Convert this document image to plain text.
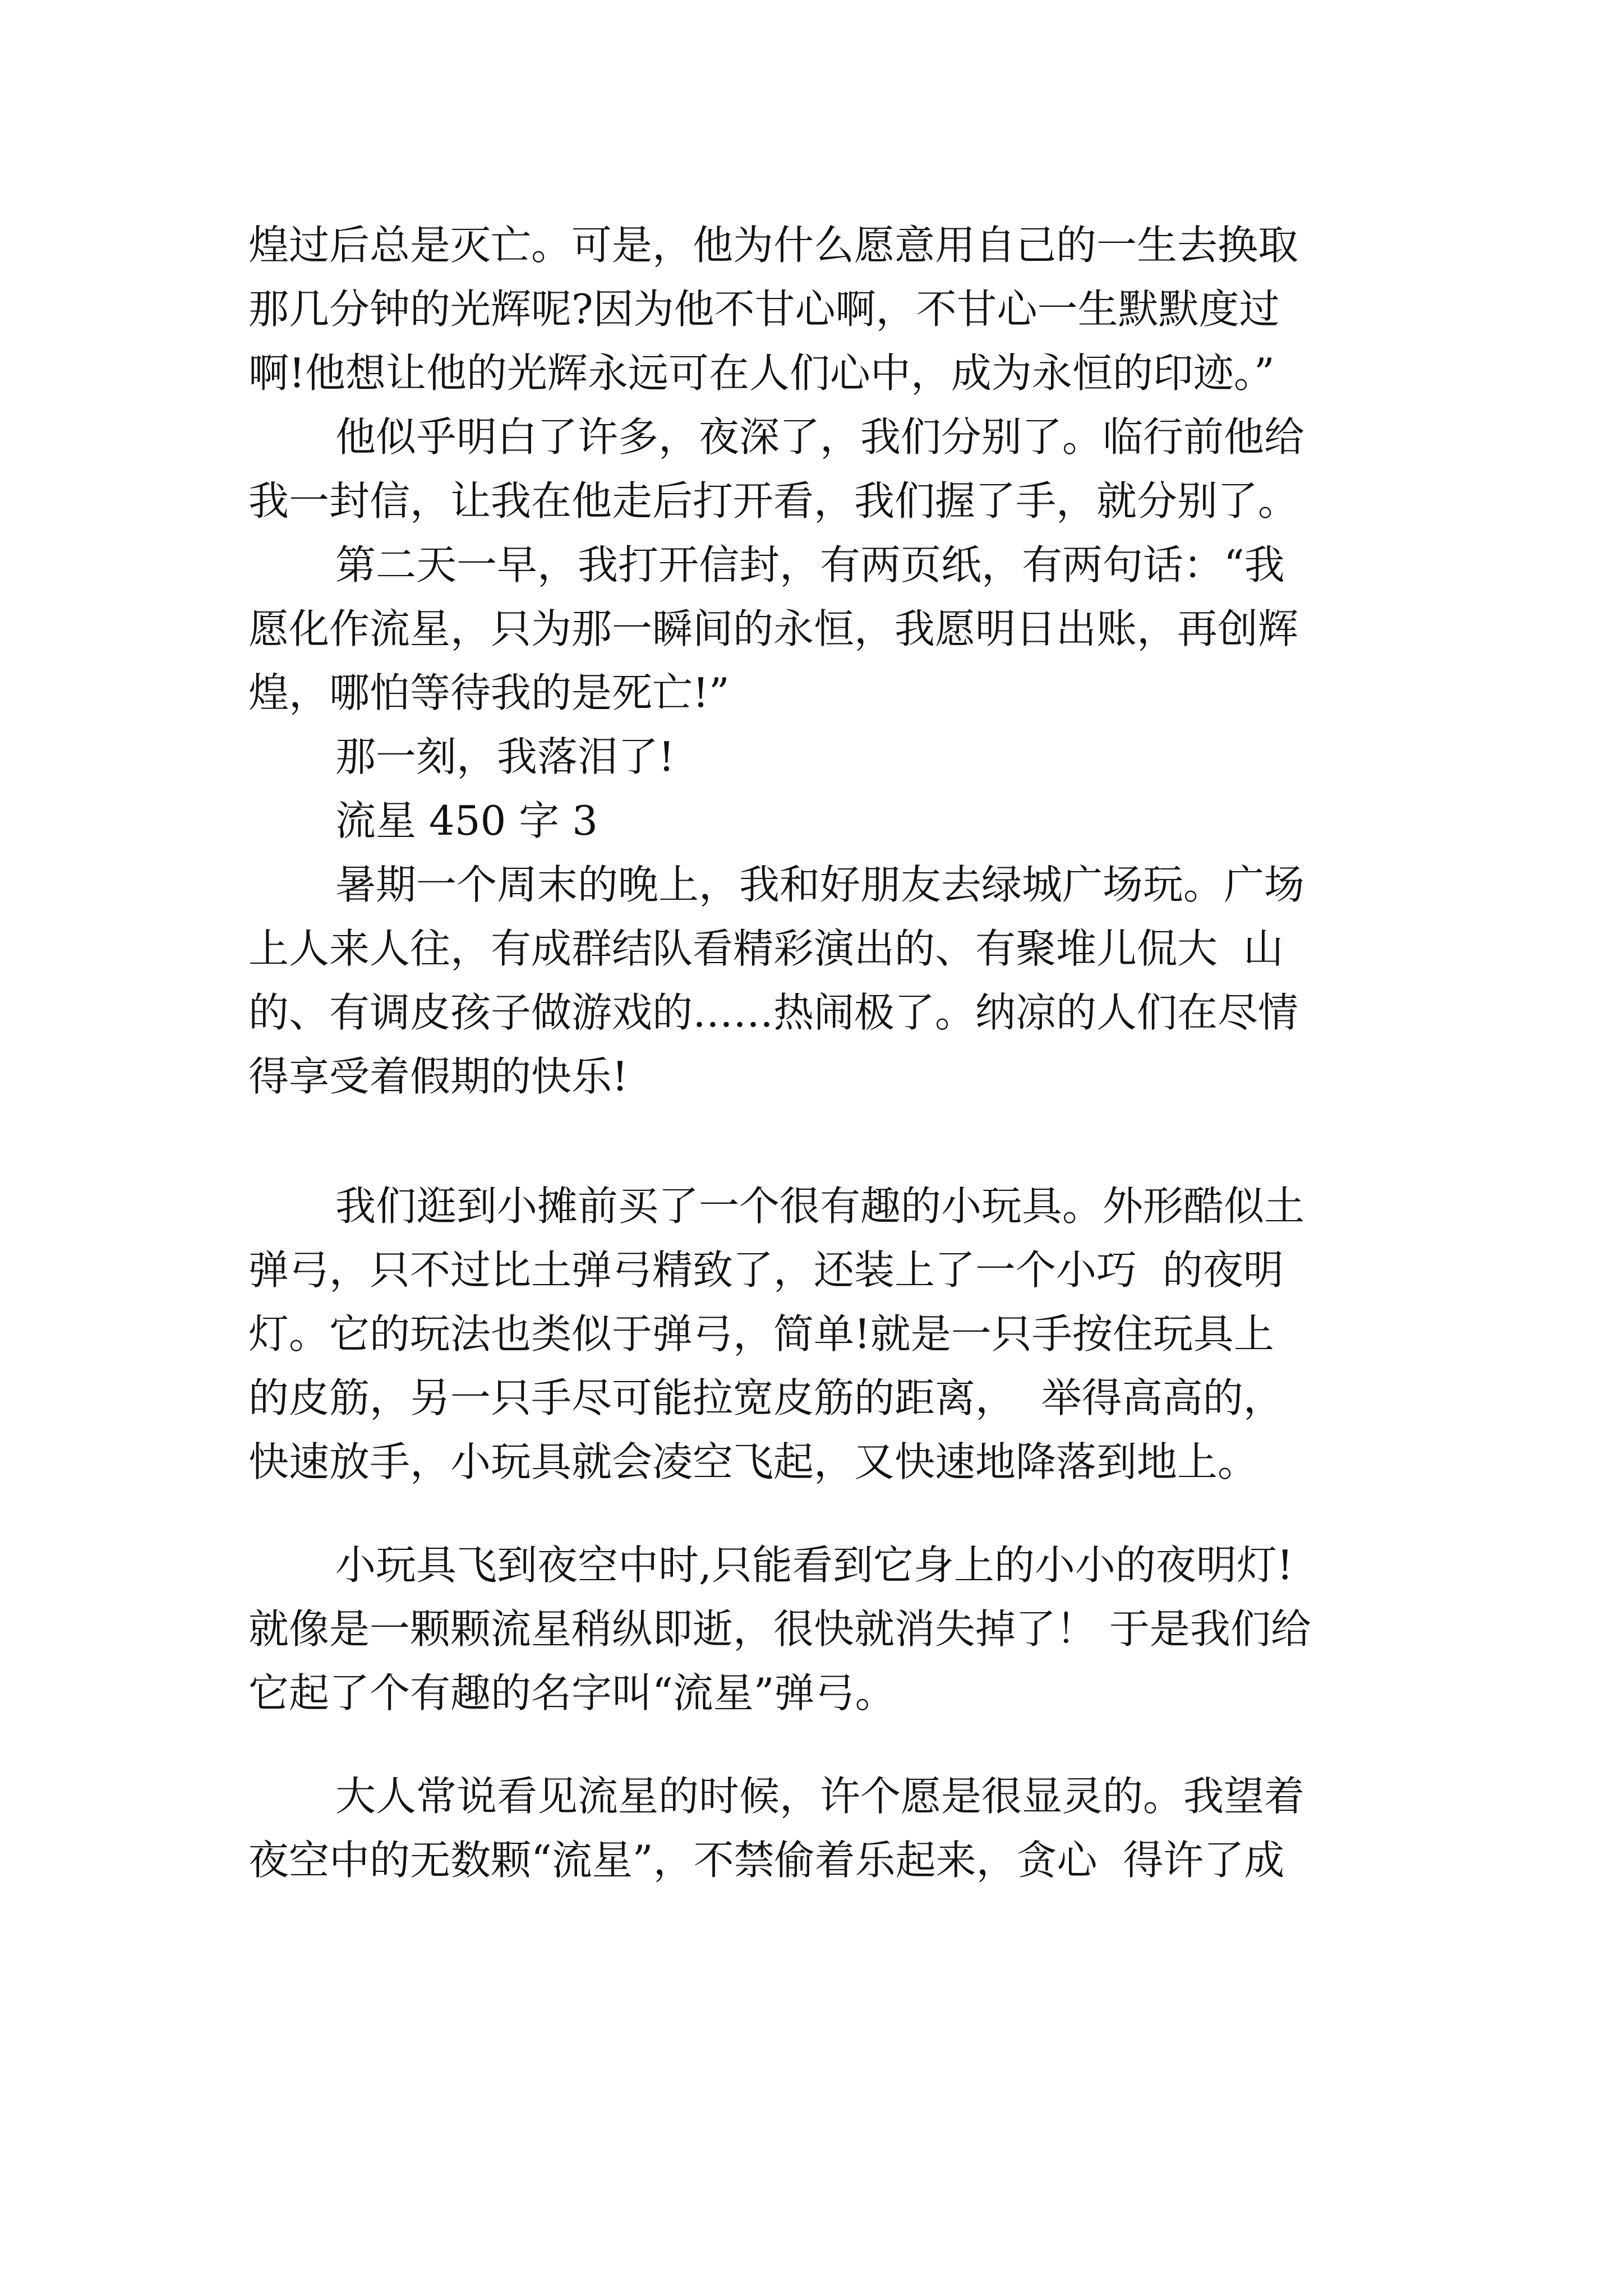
煌过后总是灭亡。可是，他为什么愿意用自己的一生去换取
那几分钟的光辉呢?因为他不甘心啊，不甘心一生默默度过
啊!他想让他的光辉永远可在人们心中，成为永恒的印迹。”
他似乎明白了许多，夜深了，我们分别了。临行前他给
我一封信，让我在他走后打开看，我们握了手，就分别了。
第二天一早，我打开信封，有两页纸，有两句话：“我
愿化作流星，只为那一瞬间的永恒，我愿明日出账，再创辉
煌，哪怕等待我的是死亡!”
那一刻，我落泪了!
流星 450 字 3
暑期一个周末的晚上，我和好朋友去绿城广场玩。广场
上人来人往，有成群结队看精彩演出的、有聚堆儿侃大  山
的、有调皮孩子做游戏的……热闹极了。纳凉的人们在尽情
得享受着假期的快乐!
我们逛到小摊前买了一个很有趣的小玩具。外形酷似土
弹弓，只不过比土弹弓精致了，还装上了一个小巧  的夜明
灯。它的玩法也类似于弹弓，简单!就是一只手按住玩具上
的皮筋，另一只手尽可能拉宽皮筋的距离，  举得高高的，
快速放手，小玩具就会凌空飞起，又快速地降落到地上。
小玩具飞到夜空中时,只能看到它身上的小小的夜明灯!
就像是一颗颗流星稍纵即逝，很快就消失掉了！ 于是我们给
它起了个有趣的名字叫“流星”弹弓。
大人常说看见流星的时候，许个愿是很显灵的。我望着
夜空中的无数颗“流星”，不禁偷着乐起来，贪心  得许了成
